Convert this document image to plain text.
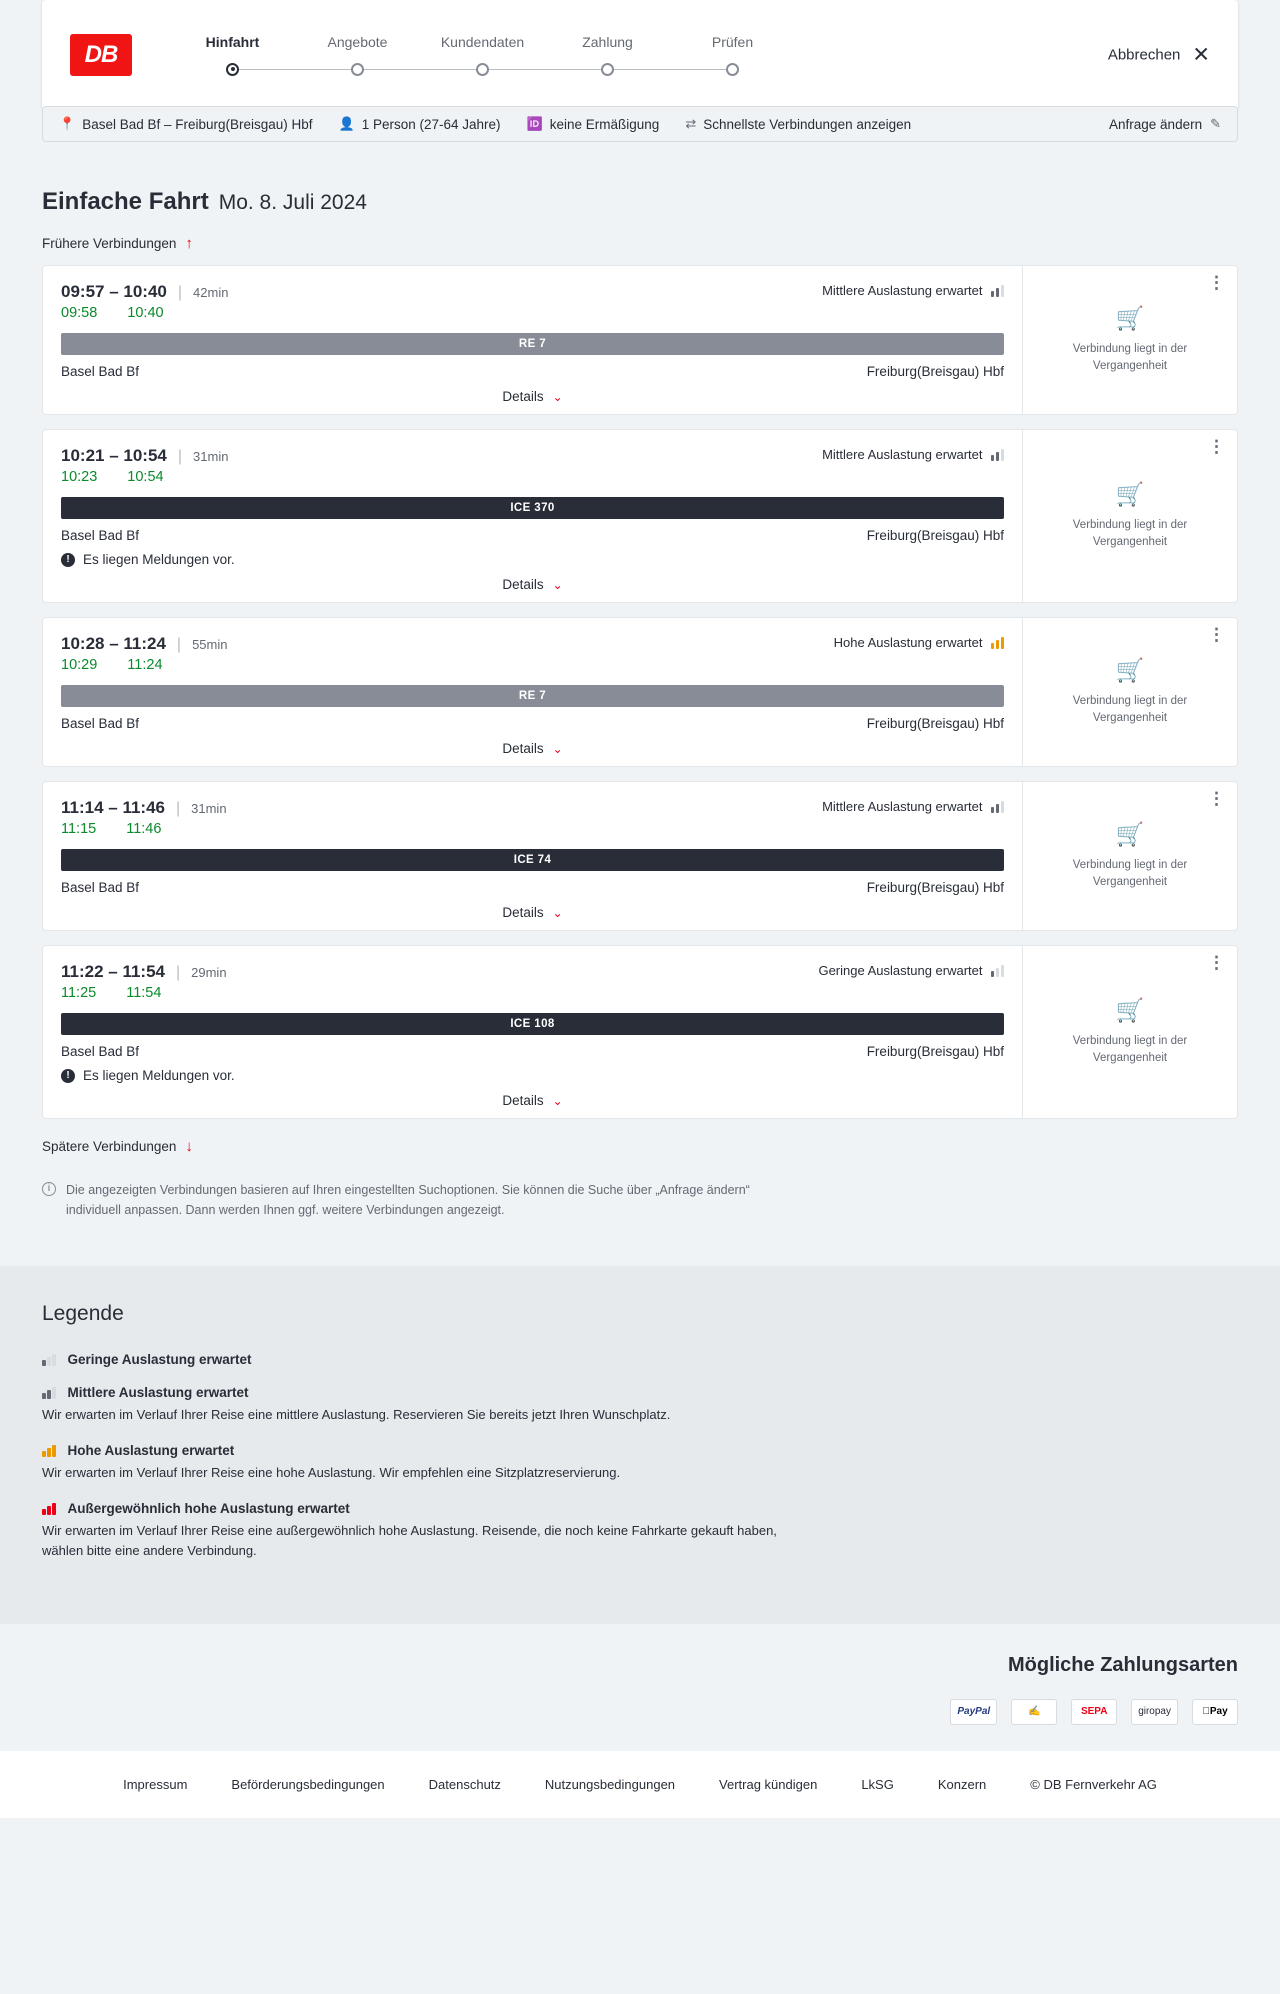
DB	Hinfahrt	Angebote	Kundendaten	Zahlung	Prüfen
Abbrechen ✕
📍 Basel Bad Bf – Freiburg(Breisgau) Hbf 👤 1 Person (27-64 Jahre) 🆔 keine Ermäßigung ⇄ Schnellste Verbindungen anzeigen	Anfrage ändern ✎
Einfache Fahrt Mo. 8. Juli 2024
Frühere Verbindungen ↑
09:57 – 10:40 | 42min	Mittlere Auslastung erwartet
09:58 10:40
RE 7
Basel Bad Bf	Freiburg(Breisgau) Hbf
Details ⌄
⋮
🛒
Verbindung liegt in der Vergangenheit
10:21 – 10:54 | 31min	Mittlere Auslastung erwartet
10:23 10:54
ICE 370
Basel Bad Bf	Freiburg(Breisgau) Hbf
! Es liegen Meldungen vor.
Details ⌄
⋮
🛒
Verbindung liegt in der Vergangenheit
10:28 – 11:24 | 55min	Hohe Auslastung erwartet
10:29 11:24
RE 7
Basel Bad Bf	Freiburg(Breisgau) Hbf
Details ⌄
⋮
🛒
Verbindung liegt in der Vergangenheit
11:14 – 11:46 | 31min	Mittlere Auslastung erwartet
11:15 11:46
ICE 74
Basel Bad Bf	Freiburg(Breisgau) Hbf
Details ⌄
⋮
🛒
Verbindung liegt in der Vergangenheit
11:22 – 11:54 | 29min	Geringe Auslastung erwartet
11:25 11:54
ICE 108
Basel Bad Bf	Freiburg(Breisgau) Hbf
! Es liegen Meldungen vor.
Details ⌄
⋮
🛒
Verbindung liegt in der Vergangenheit
Spätere Verbindungen ↓
i	Die angezeigten Verbindungen basieren auf Ihren eingestellten Suchoptionen. Sie können die Suche über „Anfrage ändern“ individuell anpassen. Dann werden Ihnen ggf. weitere Verbindungen angezeigt.
Legende
Geringe Auslastung erwartet
Mittlere Auslastung erwartet
Wir erwarten im Verlauf Ihrer Reise eine mittlere Auslastung. Reservieren Sie bereits jetzt Ihren Wunschplatz.
Hohe Auslastung erwartet
Wir erwarten im Verlauf Ihrer Reise eine hohe Auslastung. Wir empfehlen eine Sitzplatzreservierung.
Außergewöhnlich hohe Auslastung erwartet
Wir erwarten im Verlauf Ihrer Reise eine außergewöhnlich hohe Auslastung. Reisende, die noch keine Fahrkarte gekauft haben, wählen bitte eine andere Verbindung.
Mögliche Zahlungsarten
PayPal	✍	SEPA	giropay	Pay
Impressum	Beförderungsbedingungen	Datenschutz	Nutzungsbedingungen	Vertrag kündigen	LkSG	Konzern	© DB Fernverkehr AG
